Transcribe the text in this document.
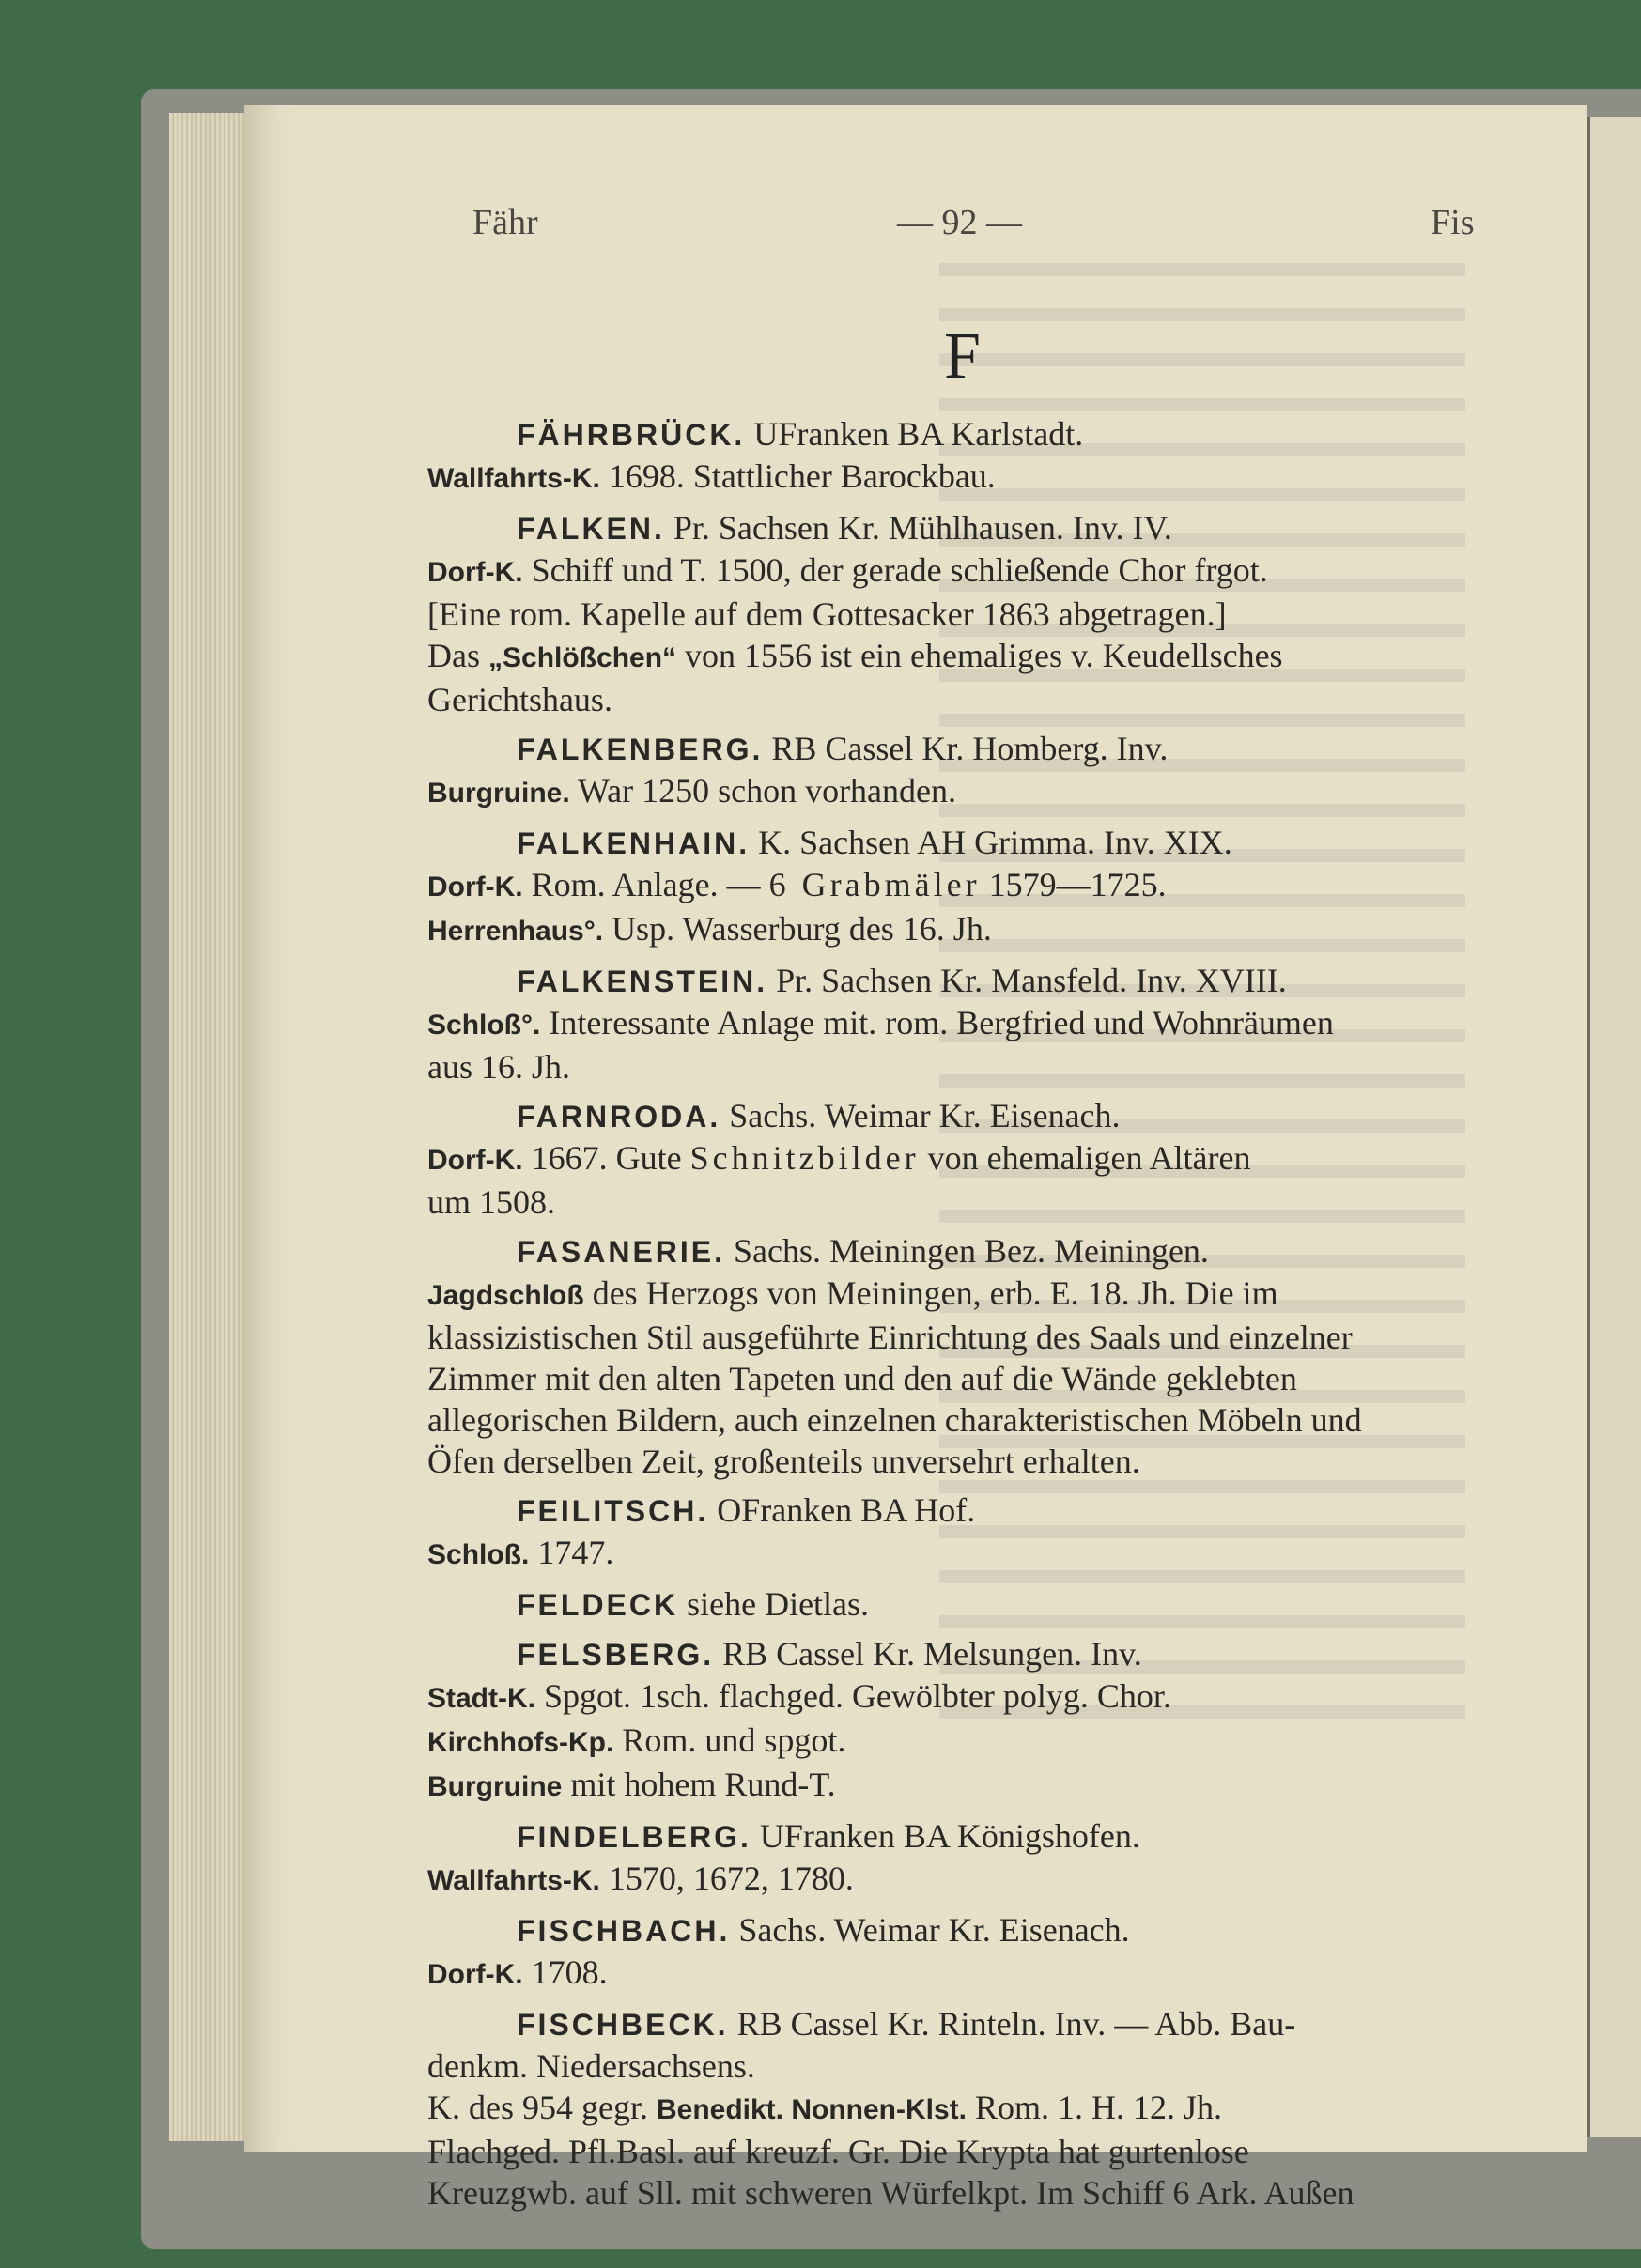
Fähr	— 92 —	Fis
F
FÄHRBRÜCK. UFranken BA Karlstadt.
Wallfahrts-K. 1698. Stattlicher Barockbau.
FALKEN. Pr. Sachsen Kr. Mühlhausen. Inv. IV.
Dorf-K. Schiff und T. 1500, der gerade schließende Chor frgot.
[Eine rom. Kapelle auf dem Gottesacker 1863 abgetragen.]
Das „Schlößchen“ von 1556 ist ein ehemaliges v. Keudellsches
Gerichtshaus.
FALKENBERG. RB Cassel Kr. Homberg. Inv.
Burgruine. War 1250 schon vorhanden.
FALKENHAIN. K. Sachsen AH Grimma. Inv. XIX.
Dorf-K. Rom. Anlage. — 6 Grabmäler 1579—1725.
Herrenhaus°. Usp. Wasserburg des 16. Jh.
FALKENSTEIN. Pr. Sachsen Kr. Mansfeld. Inv. XVIII.
Schloß°. Interessante Anlage mit. rom. Bergfried und Wohnräumen
aus 16. Jh.
FARNRODA. Sachs. Weimar Kr. Eisenach.
Dorf-K. 1667. Gute Schnitzbilder von ehemaligen Altären
um 1508.
FASANERIE. Sachs. Meiningen Bez. Meiningen.
Jagdschloß des Herzogs von Meiningen, erb. E. 18. Jh. Die im
klassizistischen Stil ausgeführte Einrichtung des Saals und einzelner
Zimmer mit den alten Tapeten und den auf die Wände geklebten
allegorischen Bildern, auch einzelnen charakteristischen Möbeln und
Öfen derselben Zeit, großenteils unversehrt erhalten.
FEILITSCH. OFranken BA Hof.
Schloß. 1747.
FELDECK siehe Dietlas.
FELSBERG. RB Cassel Kr. Melsungen. Inv.
Stadt-K. Spgot. 1sch. flachged. Gewölbter polyg. Chor.
Kirchhofs-Kp. Rom. und spgot.
Burgruine mit hohem Rund-T.
FINDELBERG. UFranken BA Königshofen.
Wallfahrts-K. 1570, 1672, 1780.
FISCHBACH. Sachs. Weimar Kr. Eisenach.
Dorf-K. 1708.
FISCHBECK. RB Cassel Kr. Rinteln. Inv. — Abb. Bau-
denkm. Niedersachsens.
K. des 954 gegr. Benedikt. Nonnen-Klst. Rom. 1. H. 12. Jh.
Flachged. Pfl.Basl. auf kreuzf. Gr. Die Krypta hat gurtenlose
Kreuzgwb. auf Sll. mit schweren Würfelkpt. Im Schiff 6 Ark. Außen
